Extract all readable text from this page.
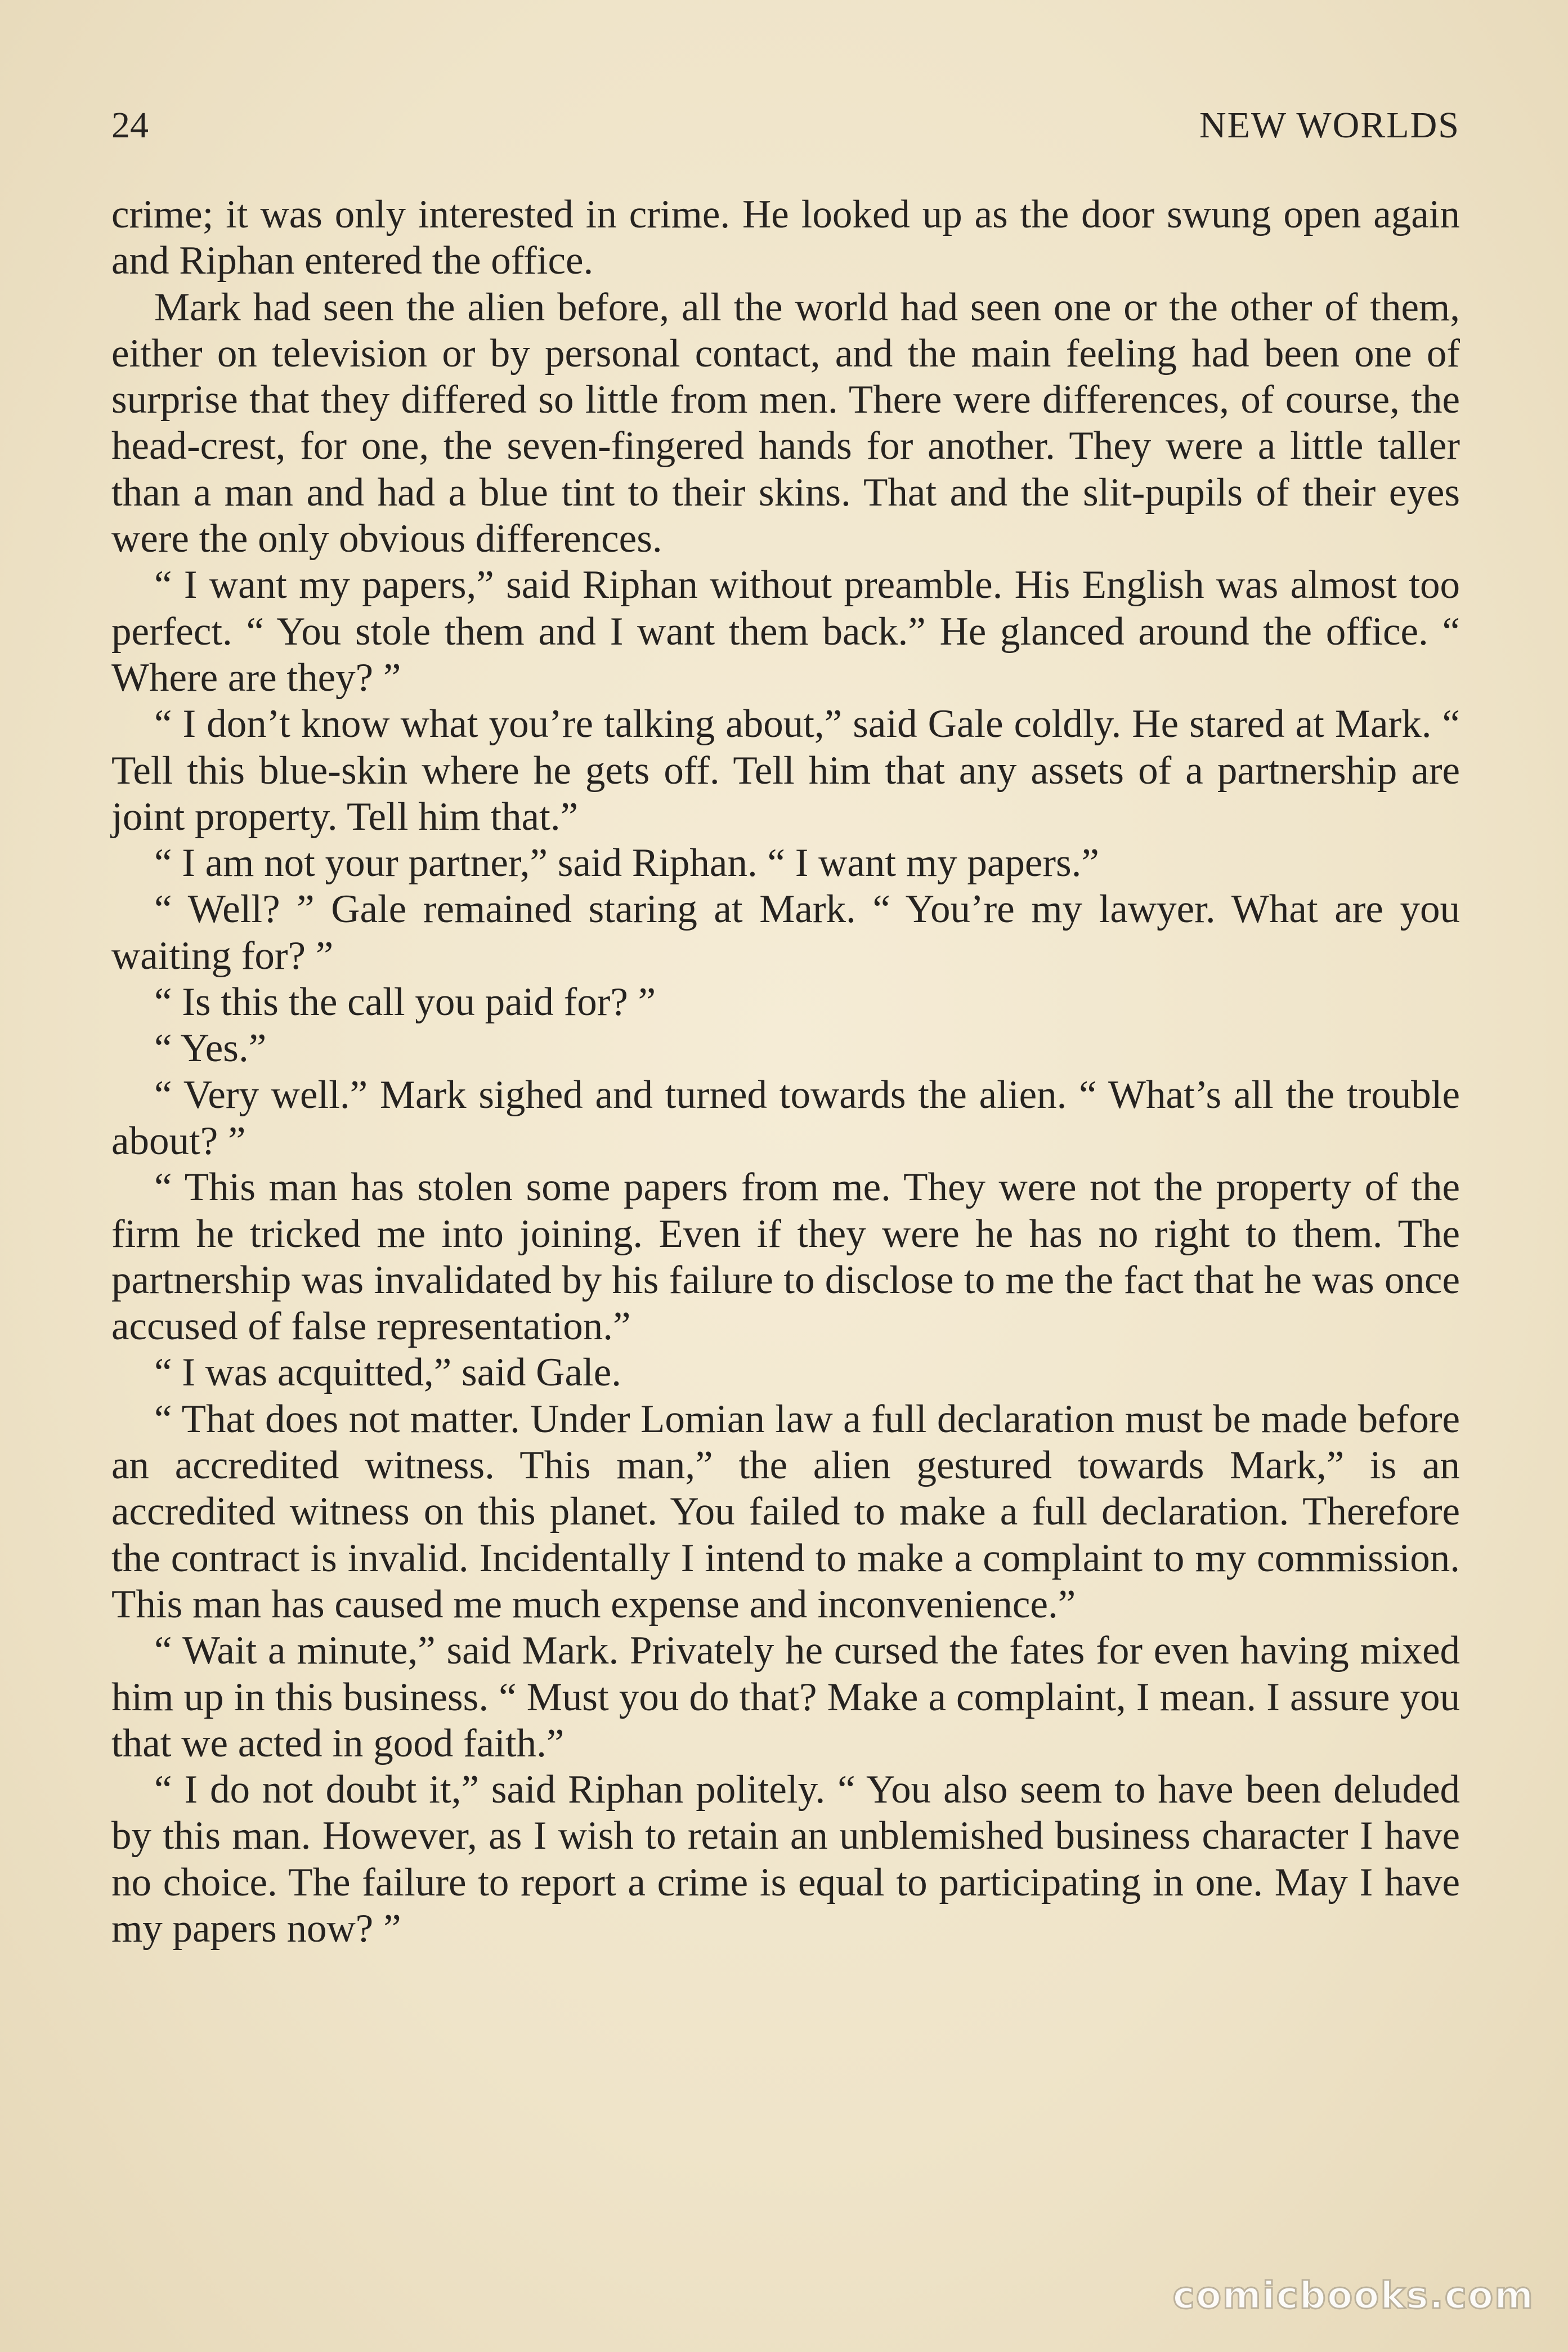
24	NEW WORLDS

crime; it was only interested in crime. He looked up as the door swung open again and Riphan entered the office.

Mark had seen the alien before, all the world had seen one or the other of them, either on television or by personal contact, and the main feeling had been one of surprise that they differed so little from men. There were differences, of course, the head-crest, for one, the seven-fingered hands for another. They were a little taller than a man and had a blue tint to their skins. That and the slit-pupils of their eyes were the only obvious differences.

“ I want my papers,” said Riphan without preamble. His English was almost too perfect. “ You stole them and I want them back.” He glanced around the office. “ Where are they? ”

“ I don’t know what you’re talking about,” said Gale coldly. He stared at Mark. “ Tell this blue-skin where he gets off. Tell him that any assets of a partnership are joint property. Tell him that.”

“ I am not your partner,” said Riphan. “ I want my papers.”

“ Well? ” Gale remained staring at Mark. “ You’re my lawyer. What are you waiting for? ”

“ Is this the call you paid for? ”

“ Yes.”

“ Very well.” Mark sighed and turned towards the alien. “ What’s all the trouble about? ”

“ This man has stolen some papers from me. They were not the property of the firm he tricked me into joining. Even if they were he has no right to them. The partnership was invalidated by his failure to disclose to me the fact that he was once accused of false representation.”

“ I was acquitted,” said Gale.

“ That does not matter. Under Lomian law a full declaration must be made before an accredited witness. This man,” the alien gestured towards Mark,” is an accredited witness on this planet. You failed to make a full declaration. Therefore the contract is invalid. Incidentally I intend to make a complaint to my commission. This man has caused me much expense and inconvenience.”

“ Wait a minute,” said Mark. Privately he cursed the fates for even having mixed him up in this business. “ Must you do that? Make a complaint, I mean. I assure you that we acted in good faith.”

“ I do not doubt it,” said Riphan politely. “ You also seem to have been deluded by this man. However, as I wish to retain an unblemished business character I have no choice. The failure to report a crime is equal to participating in one. May I have my papers now? ”

comicbooks.com
